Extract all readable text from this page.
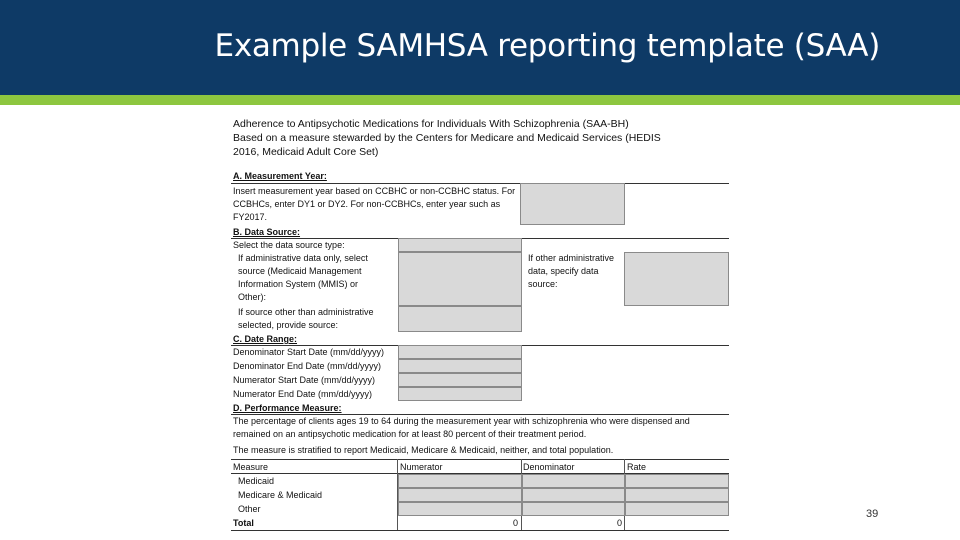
Example SAMHSA reporting template (SAA)
Adherence to Antipsychotic Medications for Individuals With Schizophrenia (SAA-BH)
Based on a measure stewarded by the Centers for Medicare and Medicaid Services (HEDIS
2016, Medicaid Adult Core Set)
A. Measurement Year:
Insert measurement year based on CCBHC or non-CCBHC status. For
CCBHCs, enter DY1 or DY2. For non-CCBHCs, enter year such as
FY2017.
B. Data Source:
Select the data source type:
If administrative data only, select
source (Medicaid Management
Information System (MMIS) or
Other):
If other administrative
data, specify data
source:
If source other than administrative
selected, provide source:
C. Date Range:
Denominator Start Date (mm/dd/yyyy)
Denominator End Date (mm/dd/yyyy)
Numerator Start Date (mm/dd/yyyy)
Numerator End Date (mm/dd/yyyy)
D. Performance Measure:
The percentage of clients ages 19 to 64 during the measurement year with schizophrenia who were dispensed and
remained on an antipsychotic medication for at least 80 percent of their treatment period.
The measure is stratified to report Medicaid, Medicare & Medicaid, neither, and total population.
Measure	Numerator	Denominator	Rate
Medicaid
Medicare & Medicaid
Other
Total	0	0
39
